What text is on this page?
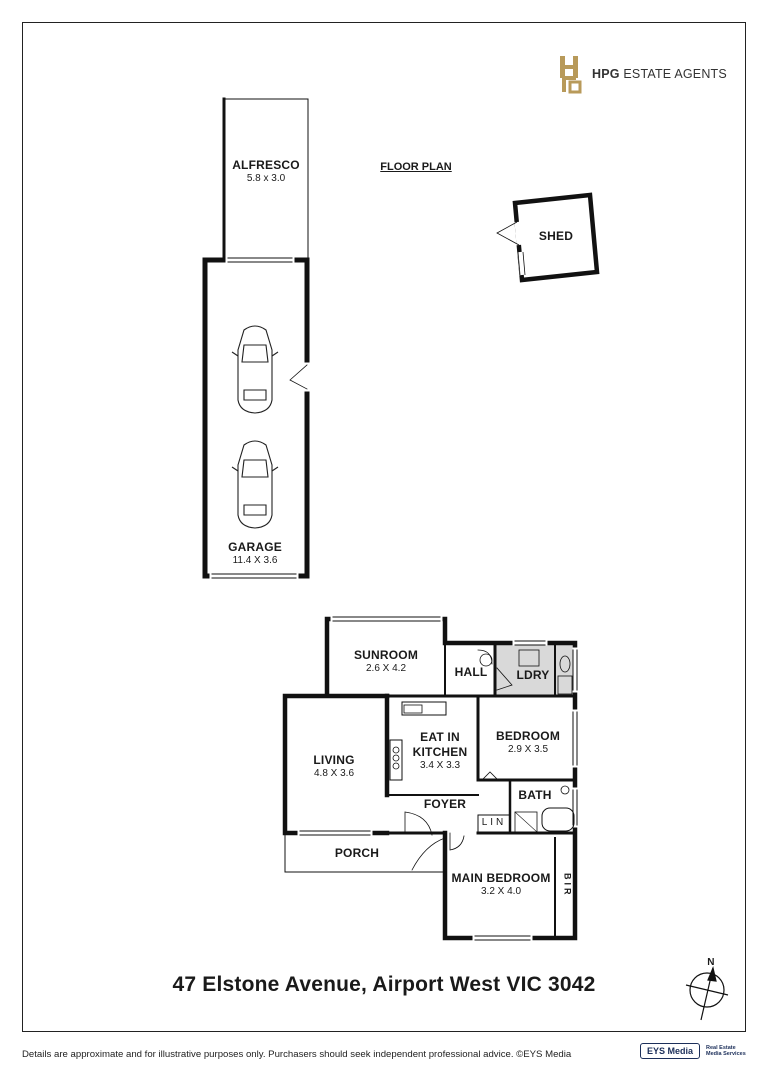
HPG ESTATE AGENTS
FLOOR PLAN
ALFRESCO
5.8 x 3.0
GARAGE
11.4 X 3.6
SHED
SUNROOM
2.6 X 4.2	HALL LDRY
EAT IN
KITCHEN
3.4 X 3.3
BEDROOM
2.9 X 3.5
LIVING
4.8 X 3.6
BATH
FOYER
LIN
PORCH
MAIN BEDROOM
3.2 X 4.0	BIR
N
47 Elstone Avenue, Airport West VIC 3042
Details are approximate and for illustrative purposes only. Purchasers should seek independent professional advice. ©EYS Media	EYS Media	Real Estate
Media Services
